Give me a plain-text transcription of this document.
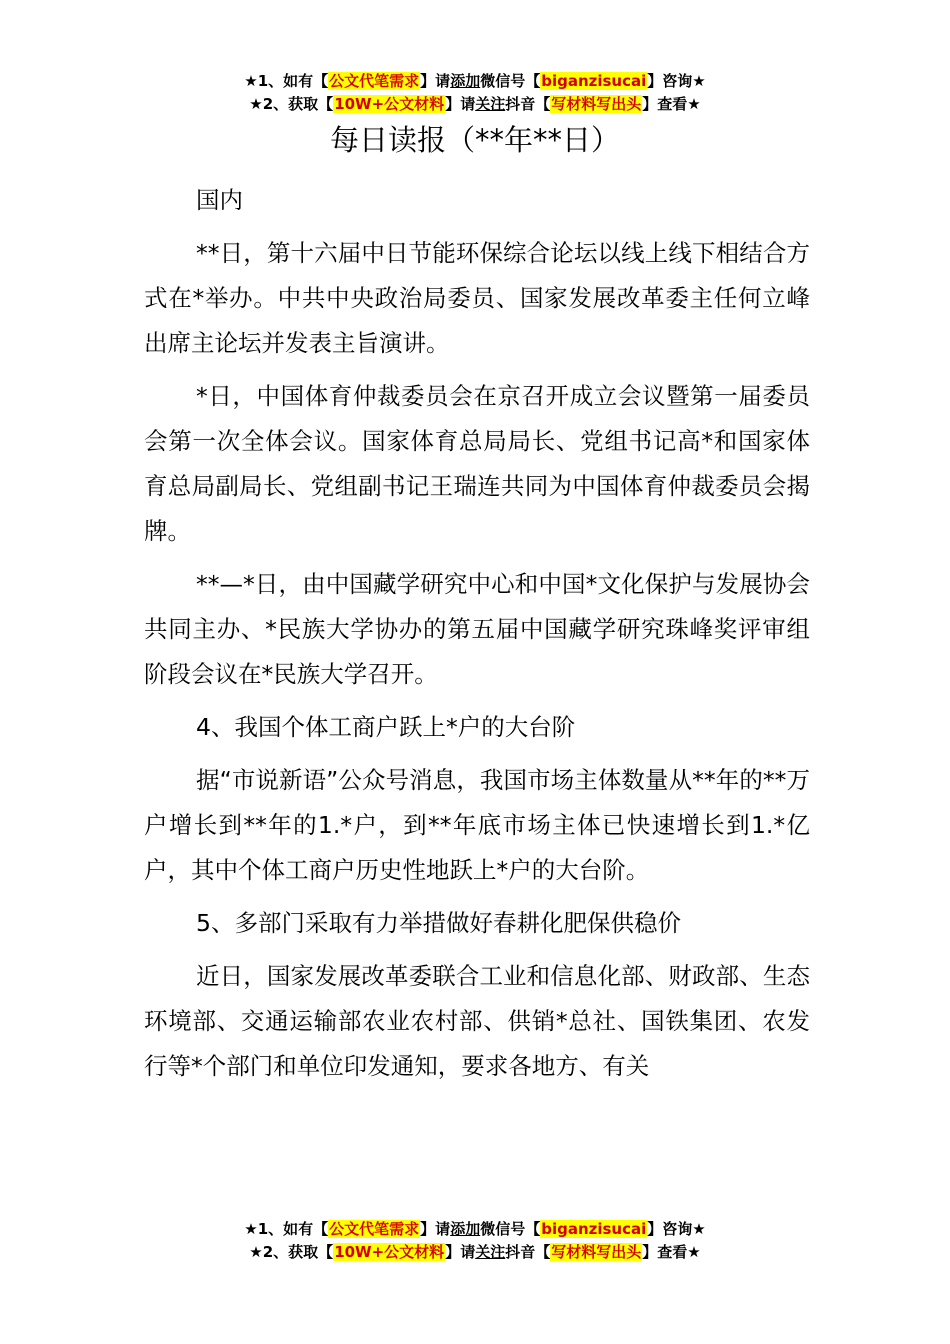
★1、如有【公文代笔需求】请添加微信号【biganzisucai】咨询★
★2、获取【10W+公文材料】请关注抖音【写材料写出头】查看★
每日读报（**年**日）

国内

**日，第十六届中日节能环保综合论坛以线上线下相结合方式在*举办。中共中央政治局委员、国家发展改革委主任何立峰出席主论坛并发表主旨演讲。

*日，中国体育仲裁委员会在京召开成立会议暨第一届委员会第一次全体会议。国家体育总局局长、党组书记高*和国家体育总局副局长、党组副书记王瑞连共同为中国体育仲裁委员会揭牌。

**—*日，由中国藏学研究中心和中国*文化保护与发展协会共同主办、*民族大学协办的第五届中国藏学研究珠峰奖评审组阶段会议在*民族大学召开。

4、我国个体工商户跃上*户的大台阶

据“市说新语”公众号消息，我国市场主体数量从**年的**万户增长到**年的1.*户，到**年底市场主体已快速增长到1.*亿户，其中个体工商户历史性地跃上*户的大台阶。

5、多部门采取有力举措做好春耕化肥保供稳价

近日，国家发展改革委联合工业和信息化部、财政部、生态环境部、交通运输部农业农村部、供销*总社、国铁集团、农发行等*个部门和单位印发通知，要求各地方、有关

★1、如有【公文代笔需求】请添加微信号【biganzisucai】咨询★
★2、获取【10W+公文材料】请关注抖音【写材料写出头】查看★
